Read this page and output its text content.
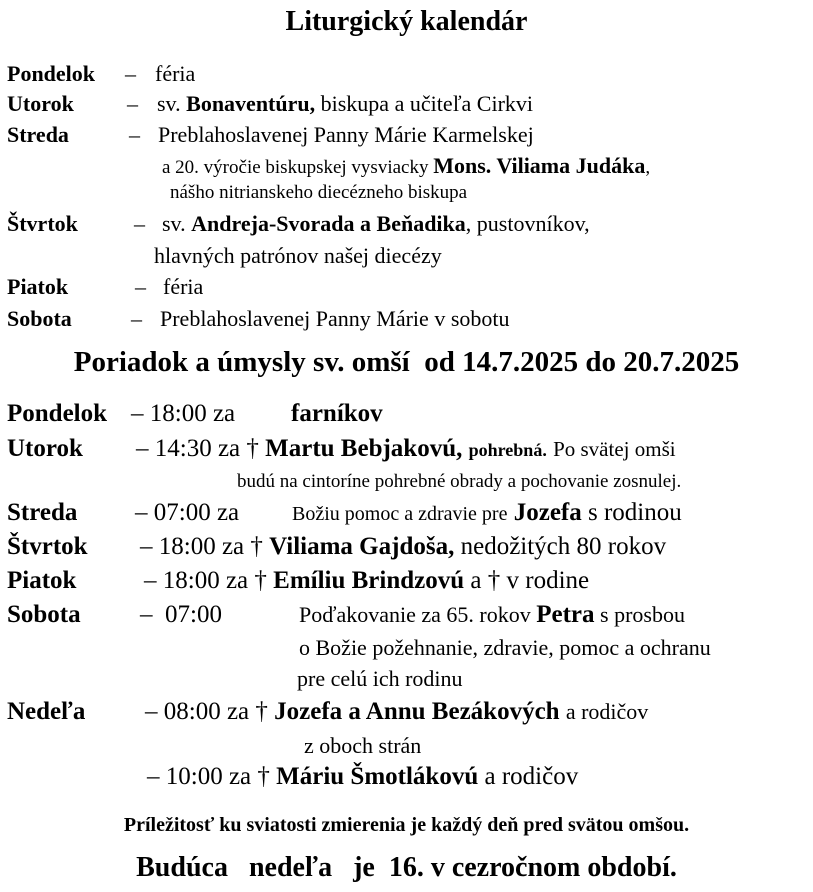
Liturgický kalendár
Pondelok – féria
Utorok – sv. Bonaventúru, biskupa a učiteľa Cirkvi
Streda	– Preblahoslavenej Panny Márie Karmelskej
a 20. výročie biskupskej vysviacky Mons. Viliama Judáka,
nášho nitrianskeho diecézneho biskupa
Štvrtok	– sv. Andreja-Svorada a Beňadika, pustovníkov,
hlavných patrónov našej diecézy
Piatok	– féria
Sobota	– Preblahoslavenej Panny Márie v sobotu
Poriadok a úmysly sv. omší  od 14.7.2025 do 20.7.2025
Pondelok – 18:00 za farníkov
Utorok – 14:30 za † Martu Bebjakovú, pohrebná. Po svätej omši
budú na cintoríne pohrebné obrady a pochovanie zosnulej.
Streda – 07:00 za	Božiu pomoc a zdravie pre Jozefa s rodinou
Štvrtok – 18:00 za † Viliama Gajdoša, nedožitých 80 rokov
Piatok	– 18:00 za † Emíliu Brindzovú a † v rodine
Sobota –  07:00	Poďakovanie za 65. rokov Petra s prosbou
o Božie požehnanie, zdravie, pomoc a ochranu
pre celú ich rodinu
Nedeľa – 08:00 za † Jozefa a Annu Bezákových a rodičov
z oboch strán
– 10:00 za † Máriu Šmotlákovú a rodičov
Príležitosť ku sviatosti zmierenia je každý deň pred svätou omšou.
Budúca   nedeľa   je  16. v cezročnom období.
